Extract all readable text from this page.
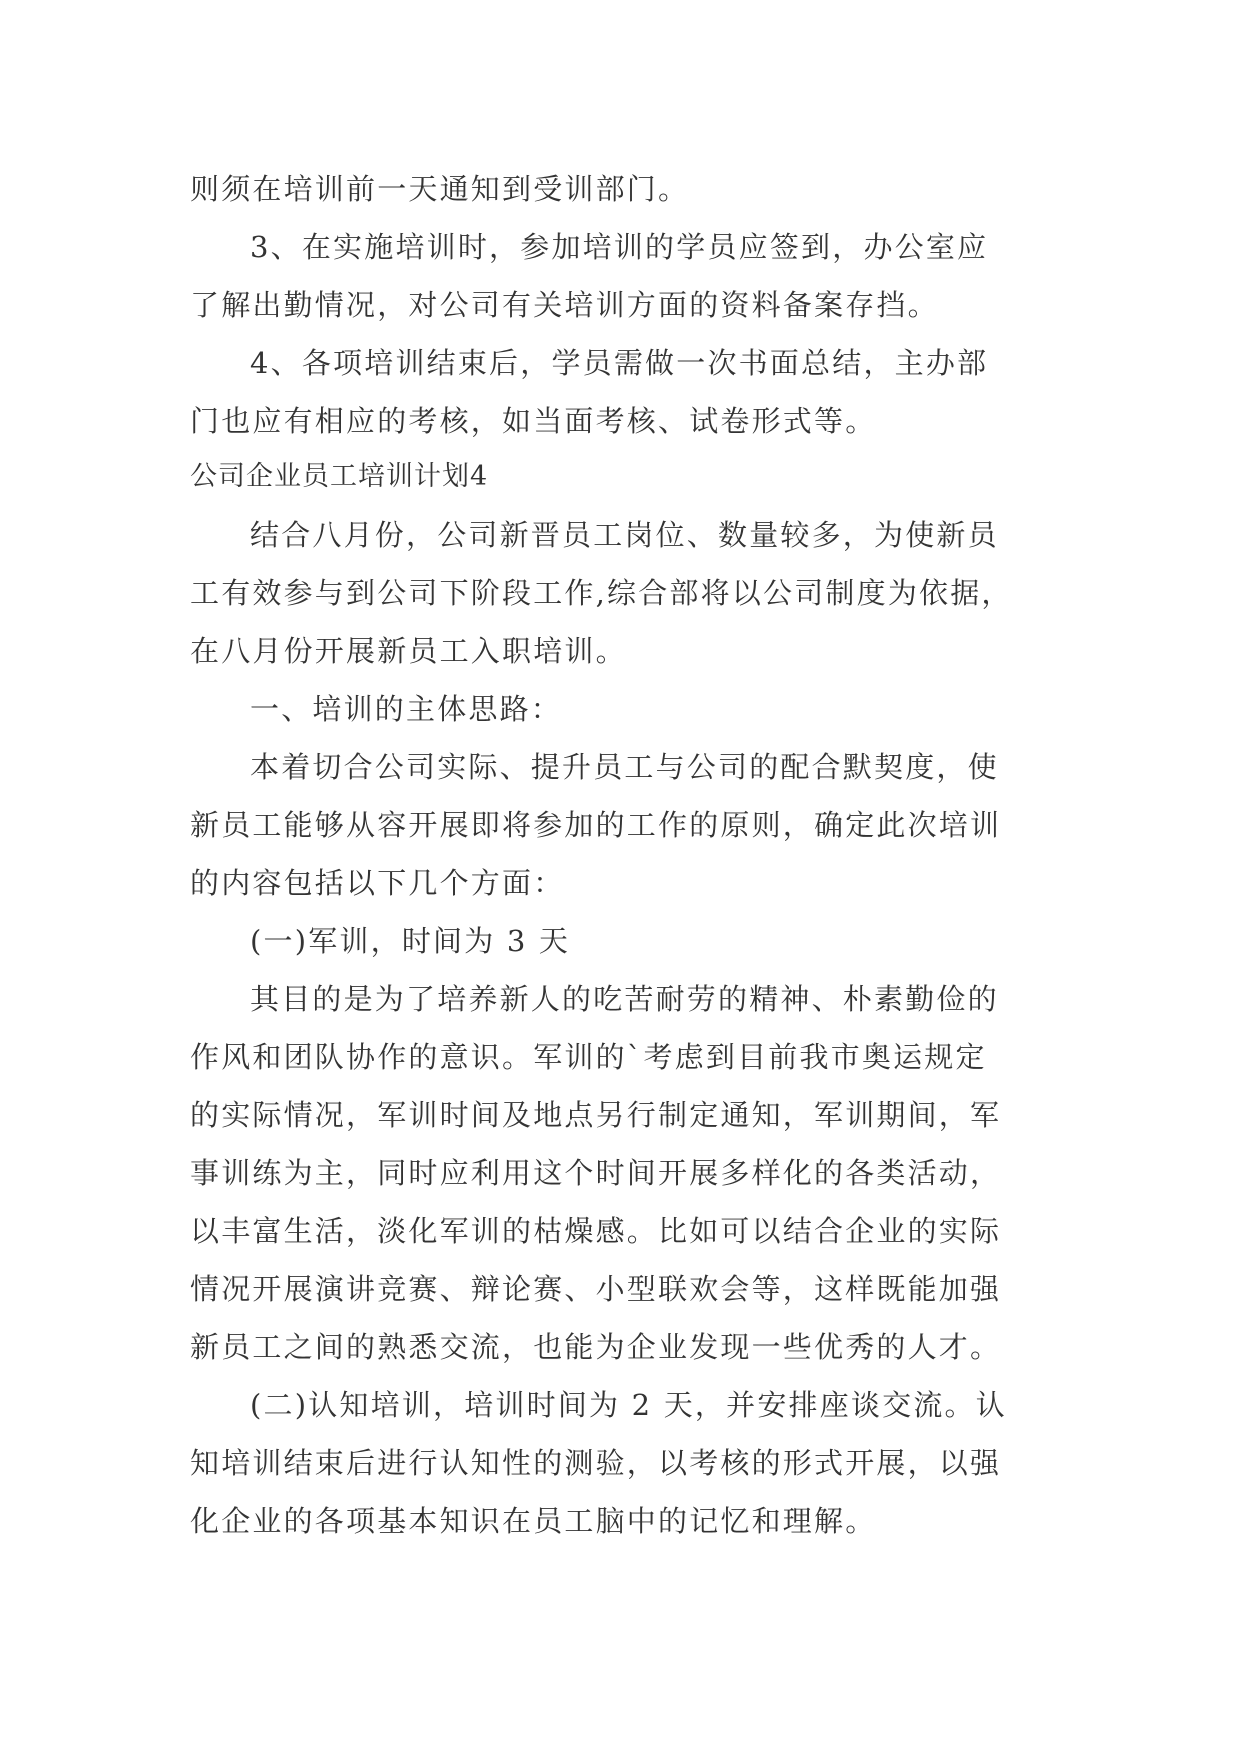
则须在培训前一天通知到受训部门。
3、在实施培训时，参加培训的学员应签到，办公室应
了解出勤情况，对公司有关培训方面的资料备案存挡。
4、各项培训结束后，学员需做一次书面总结，主办部
门也应有相应的考核，如当面考核、试卷形式等。
公司企业员工培训计划4
结合八月份，公司新晋员工岗位、数量较多，为使新员
工有效参与到公司下阶段工作,综合部将以公司制度为依据，
在八月份开展新员工入职培训。
一、培训的主体思路：
本着切合公司实际、提升员工与公司的配合默契度，使
新员工能够从容开展即将参加的工作的原则，确定此次培训
的内容包括以下几个方面：
(一)军训，时间为 3 天
其目的是为了培养新人的吃苦耐劳的精神、朴素勤俭的
作风和团队协作的意识。军训的`考虑到目前我市奥运规定
的实际情况，军训时间及地点另行制定通知，军训期间，军
事训练为主，同时应利用这个时间开展多样化的各类活动，
以丰富生活，淡化军训的枯燥感。比如可以结合企业的实际
情况开展演讲竞赛、辩论赛、小型联欢会等，这样既能加强
新员工之间的熟悉交流，也能为企业发现一些优秀的人才。
(二)认知培训，培训时间为 2 天，并安排座谈交流。认
知培训结束后进行认知性的测验，以考核的形式开展，以强
化企业的各项基本知识在员工脑中的记忆和理解。
